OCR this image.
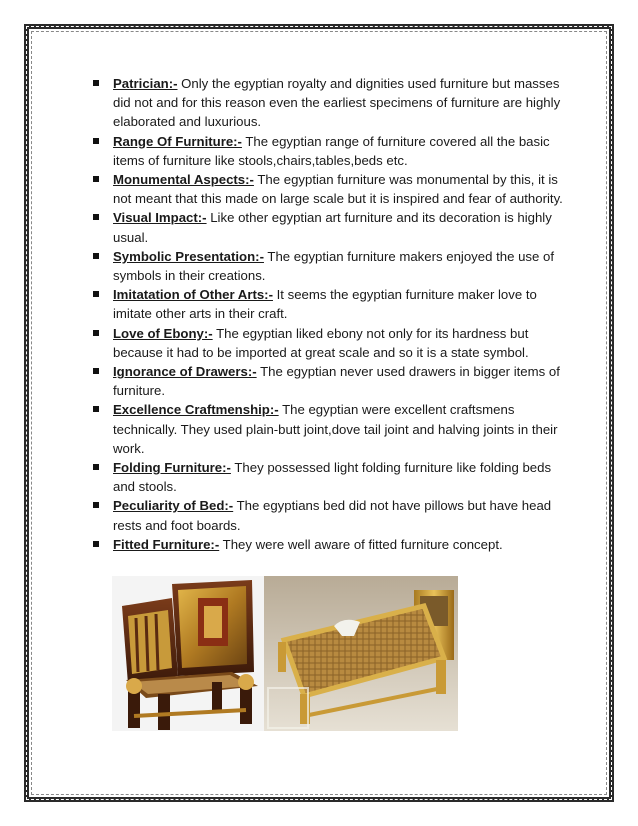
Patrician:- Only the egyptian royalty and dignities used furniture but masses did not and for this reason even the earliest specimens of furniture are highly elaborated and luxurious.
Range Of Furniture:- The egyptian range of furniture covered all the basic items of furniture like stools,chairs,tables,beds etc.
Monumental Aspects:- The egyptian furniture was monumental by this, it is not meant that this made on large scale but it is inspired and fear of authority.
Visual Impact:- Like other egyptian art furniture and its decoration is highly usual.
Symbolic Presentation:- The egyptian furniture makers enjoyed the use of symbols in their creations.
Imitatation of Other Arts:- It seems the egyptian furniture maker love to imitate other arts in their craft.
Love of Ebony:- The egyptian liked ebony not only for its hardness but because it had to be imported at great scale and so it is a state symbol.
Ignorance of Drawers:- The egyptian never used drawers in bigger items of furniture.
Excellence Craftmenship:- The egyptian were excellent craftsmens technically. They used plain-butt joint,dove tail joint and halving joints in their work.
Folding Furniture:- They possessed light folding furniture like folding beds and stools.
Peculiarity of Bed:- The egyptians bed did not have pillows but have head rests and foot boards.
Fitted Furniture:- They were well aware of fitted furniture concept.
